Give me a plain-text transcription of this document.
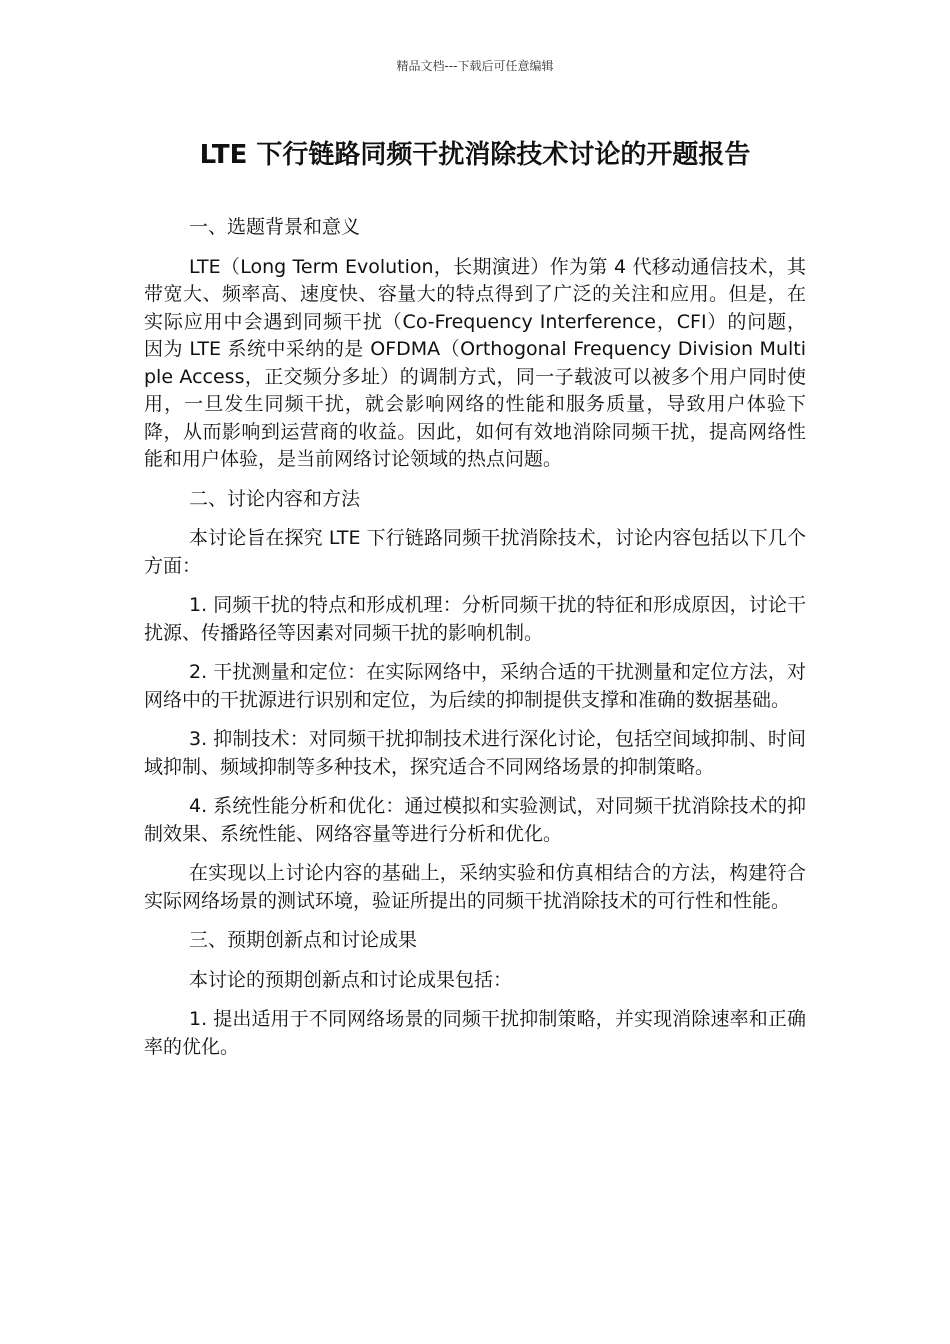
精品文档---下载后可任意编辑
LTE 下行链路同频干扰消除技术讨论的开题报告

一、选题背景和意义

LTE（Long Term Evolution，长期演进）作为第 4 代移动通信技术，其带宽大、频率高、速度快、容量大的特点得到了广泛的关注和应用。但是，在实际应用中会遇到同频干扰（Co-Frequency Interference，CFI）的问题，因为 LTE 系统中采纳的是 OFDMA（Orthogonal Frequency Division Multiple Access，正交频分多址）的调制方式，同一子载波可以被多个用户同时使用，一旦发生同频干扰，就会影响网络的性能和服务质量，导致用户体验下降，从而影响到运营商的收益。因此，如何有效地消除同频干扰，提高网络性能和用户体验，是当前网络讨论领域的热点问题。

二、讨论内容和方法

本讨论旨在探究 LTE 下行链路同频干扰消除技术，讨论内容包括以下几个方面：

1. 同频干扰的特点和形成机理：分析同频干扰的特征和形成原因，讨论干扰源、传播路径等因素对同频干扰的影响机制。

2. 干扰测量和定位：在实际网络中，采纳合适的干扰测量和定位方法，对网络中的干扰源进行识别和定位，为后续的抑制提供支撑和准确的数据基础。

3. 抑制技术：对同频干扰抑制技术进行深化讨论，包括空间域抑制、时间域抑制、频域抑制等多种技术，探究适合不同网络场景的抑制策略。

4. 系统性能分析和优化：通过模拟和实验测试，对同频干扰消除技术的抑制效果、系统性能、网络容量等进行分析和优化。

在实现以上讨论内容的基础上，采纳实验和仿真相结合的方法，构建符合实际网络场景的测试环境，验证所提出的同频干扰消除技术的可行性和性能。

三、预期创新点和讨论成果

本讨论的预期创新点和讨论成果包括：

1. 提出适用于不同网络场景的同频干扰抑制策略，并实现消除速率和正确率的优化。
